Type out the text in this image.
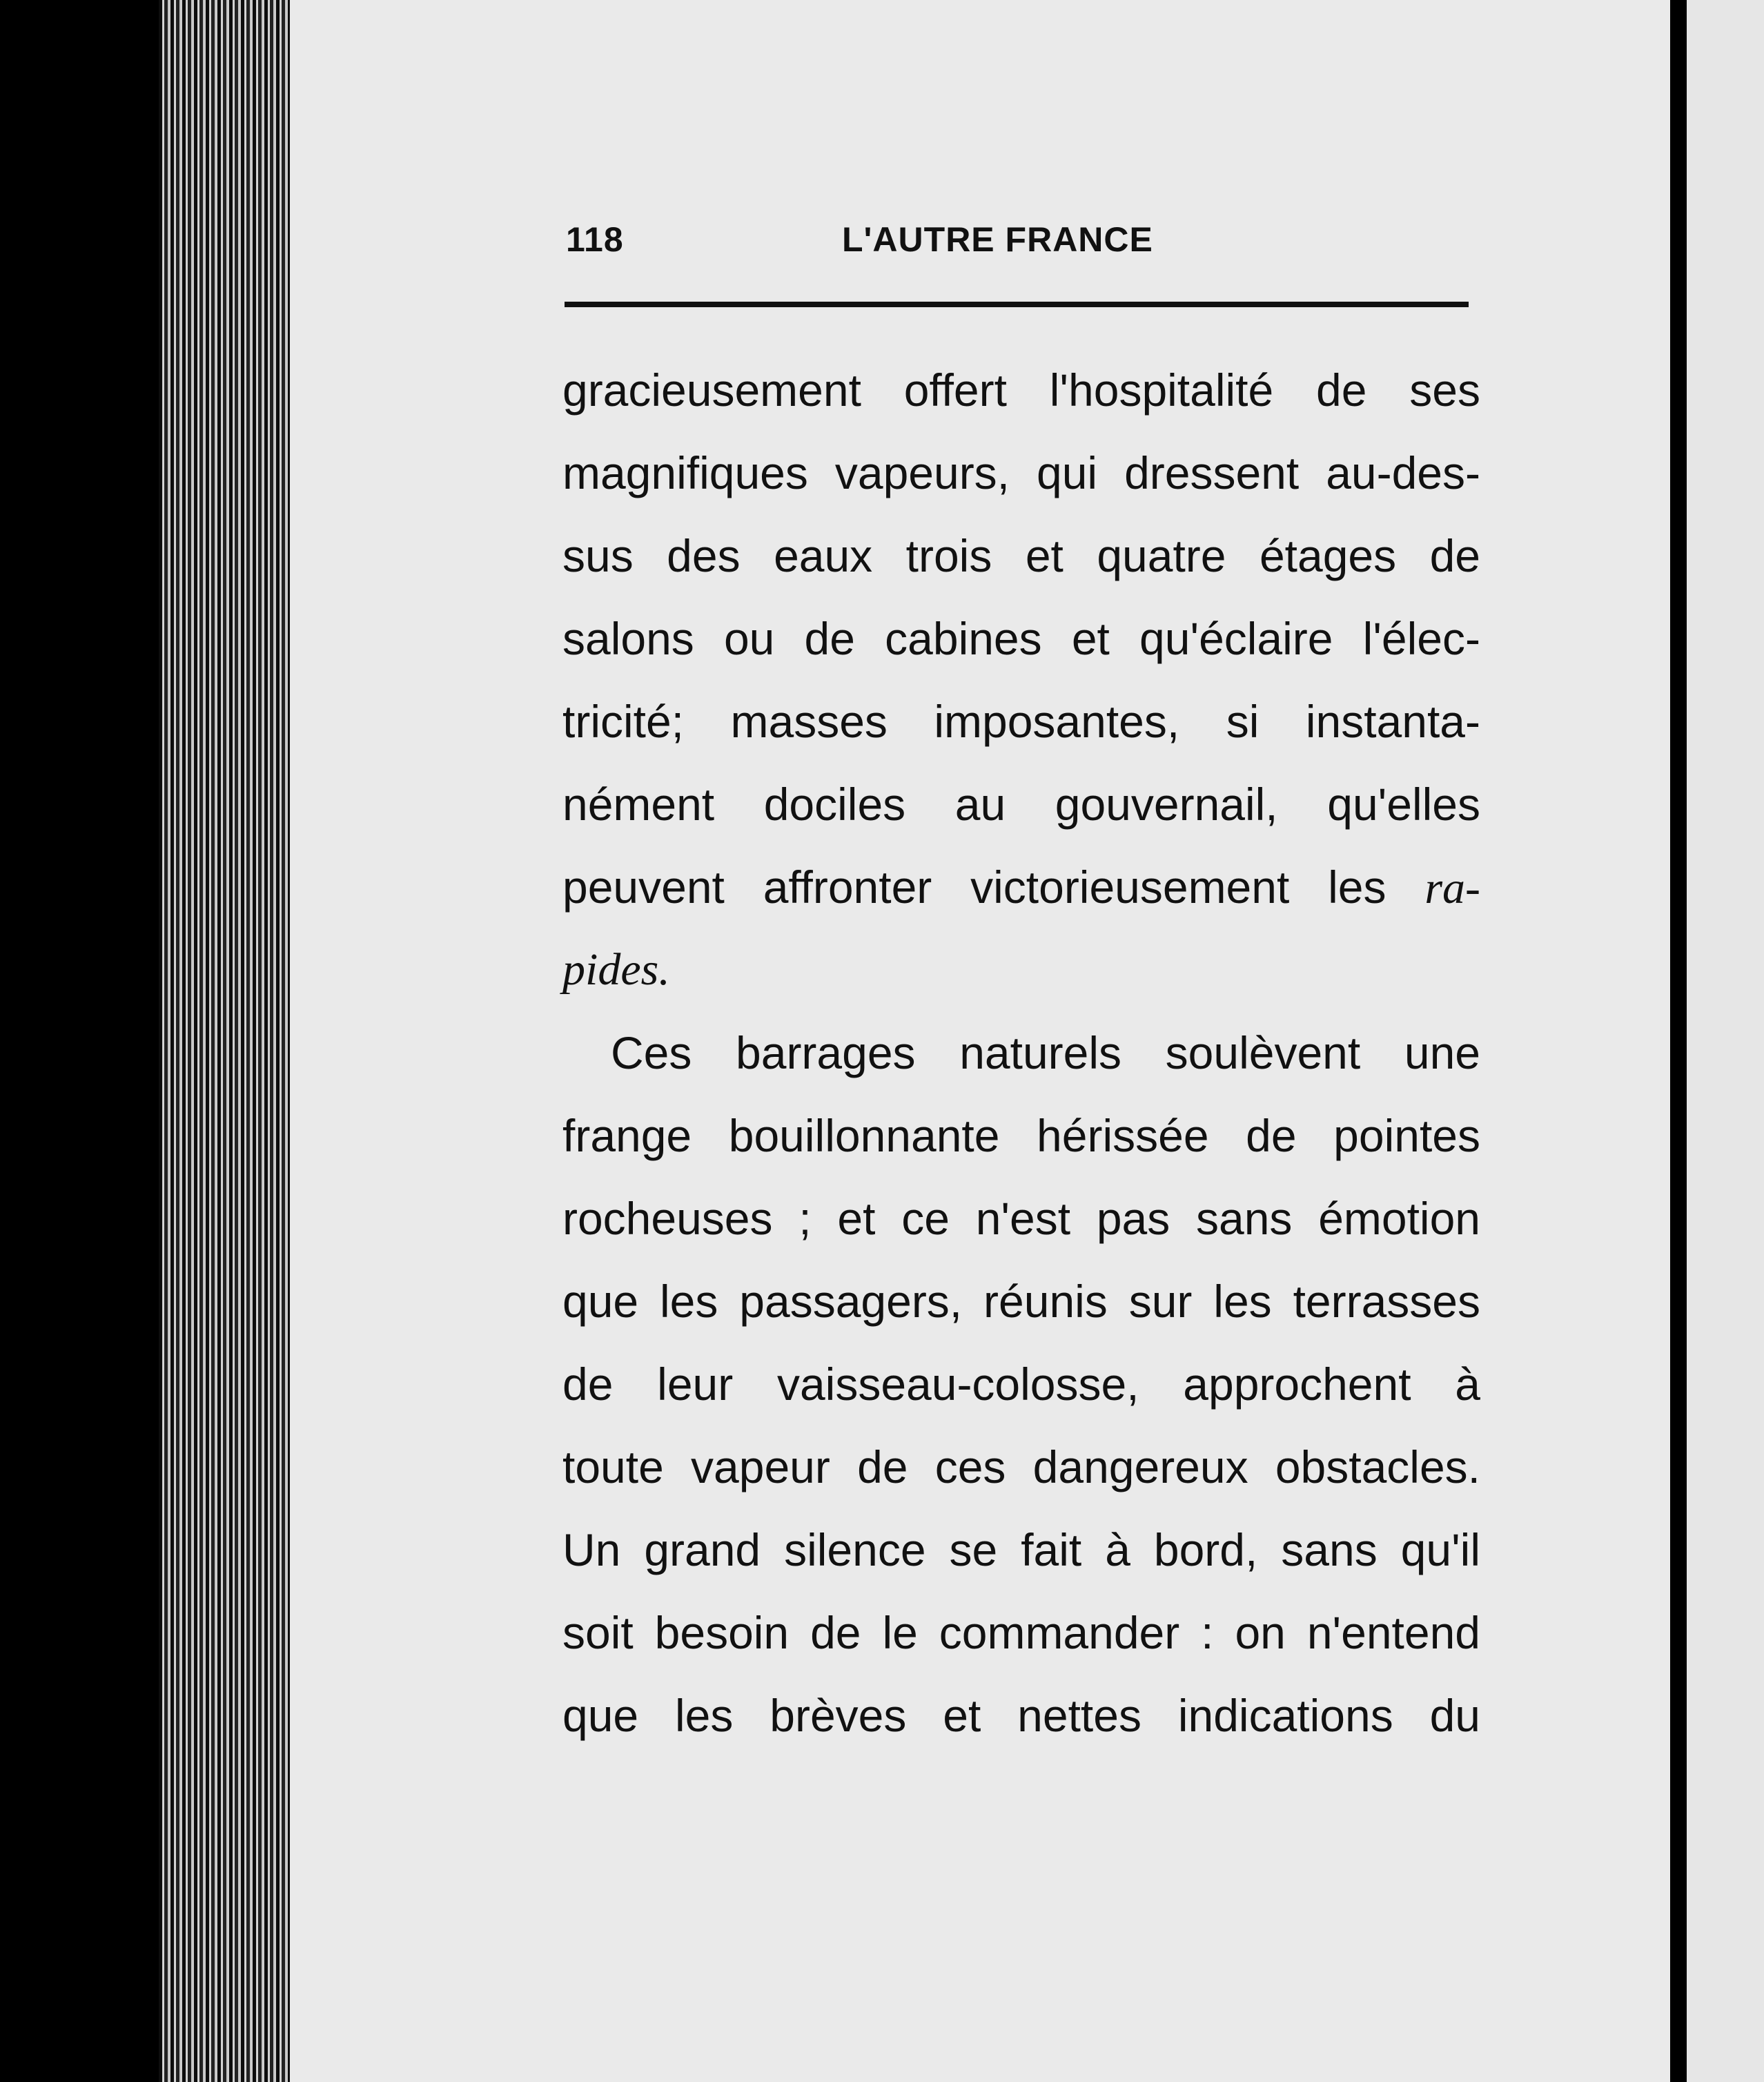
118	L'AUTRE FRANCE
gracieusement offert l'hospitalité de ses
magnifiques vapeurs, qui dressent au-des-
sus des eaux trois et quatre étages de
salons ou de cabines et qu'éclaire l'élec-
tricité; masses imposantes, si instanta-
nément dociles au gouvernail, qu'elles
peuvent affronter victorieusement les ra-
pides.
Ces barrages naturels soulèvent une
frange bouillonnante hérissée de pointes
rocheuses ; et ce n'est pas sans émotion
que les passagers, réunis sur les terrasses
de leur vaisseau-colosse, approchent à
toute vapeur de ces dangereux obstacles.
Un grand silence se fait à bord, sans qu'il
soit besoin de le commander : on n'entend
que les brèves et nettes indications du
